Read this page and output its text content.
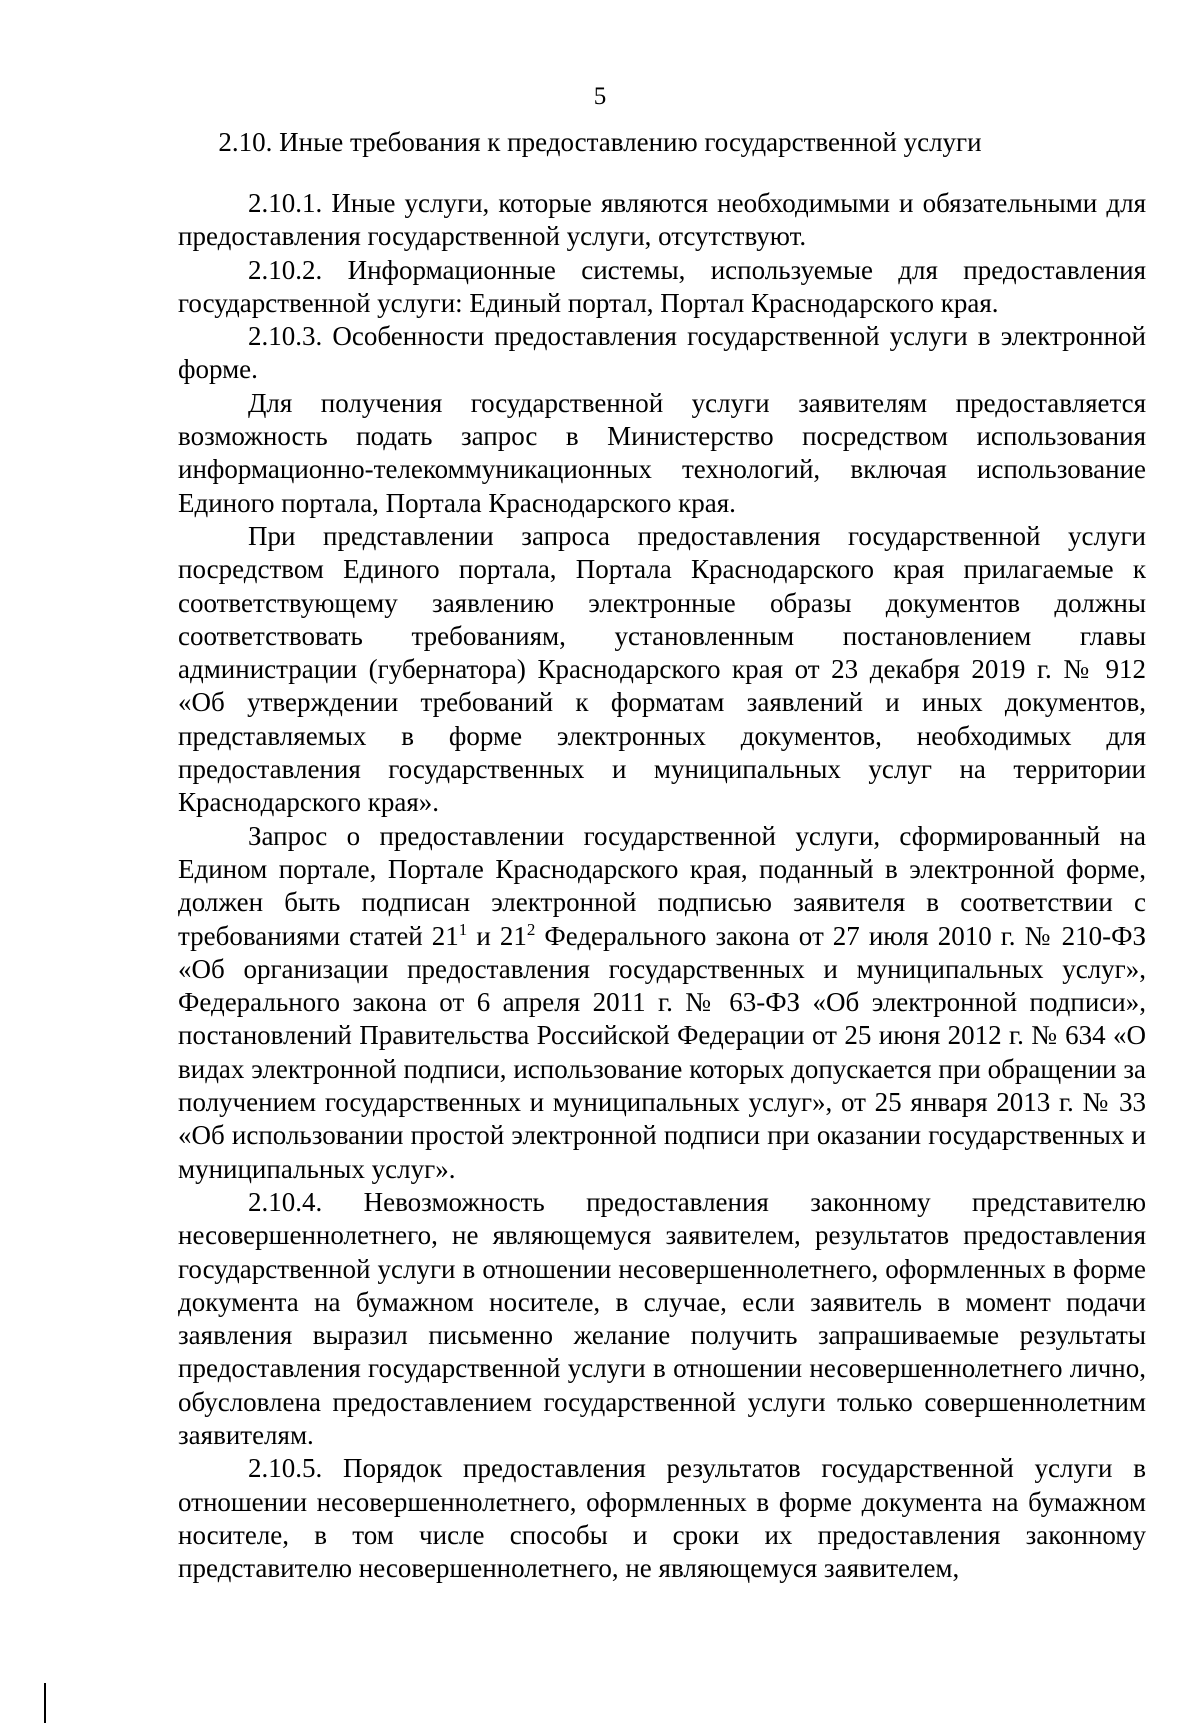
5
2.10. Иные требования к предоставлению государственной услуги

2.10.1. Иные услуги, которые являются необходимыми и обязательными для предоставления государственной услуги, отсутствуют.

2.10.2. Информационные системы, используемые для предоставления государственной услуги: Единый портал, Портал Краснодарского края.

2.10.3. Особенности предоставления государственной услуги в электронной форме.

Для получения государственной услуги заявителям предоставляется возможность подать запрос в Министерство посредством использования информационно-телекоммуникационных технологий, включая использование Единого портала, Портала Краснодарского края.

При представлении запроса предоставления государственной услуги посредством Единого портала, Портала Краснодарского края прилагаемые к соответствующему заявлению электронные образы документов должны соответствовать требованиям, установленным постановлением главы администрации (губернатора) Краснодарского края от 23 декабря 2019 г. № 912 «Об утверждении требований к форматам заявлений и иных документов, представляемых в форме электронных документов, необходимых для предоставления государственных и муниципальных услуг на территории Краснодарского края».

Запрос о предоставлении государственной услуги, сформированный на Едином портале, Портале Краснодарского края, поданный в электронной форме, должен быть подписан электронной подписью заявителя в соответствии с требованиями статей $21^1$ и $21^2$ Федерального закона от 27 июля 2010 г. № 210-ФЗ «Об организации предоставления государственных и муниципальных услуг», Федерального закона от 6 апреля 2011 г. № 63-ФЗ «Об электронной подписи», постановлений Правительства Российской Федерации от 25 июня 2012 г. № 634 «О видах электронной подписи, использование которых допускается при обращении за получением государственных и муниципальных услуг», от 25 января 2013 г. № 33 «Об использовании простой электронной подписи при оказании государственных и муниципальных услуг».

2.10.4. Невозможность предоставления законному представителю несовершеннолетнего, не являющемуся заявителем, результатов предоставления государственной услуги в отношении несовершеннолетнего, оформленных в форме документа на бумажном носителе, в случае, если заявитель в момент подачи заявления выразил письменно желание получить запрашиваемые результаты предоставления государственной услуги в отношении несовершеннолетнего лично, обусловлена предоставлением государственной услуги только совершеннолетним заявителям.

2.10.5. Порядок предоставления результатов государственной услуги в отношении несовершеннолетнего, оформленных в форме документа на бумажном носителе, в том числе способы и сроки их предоставления законному представителю несовершеннолетнего, не являющемуся заявителем,
